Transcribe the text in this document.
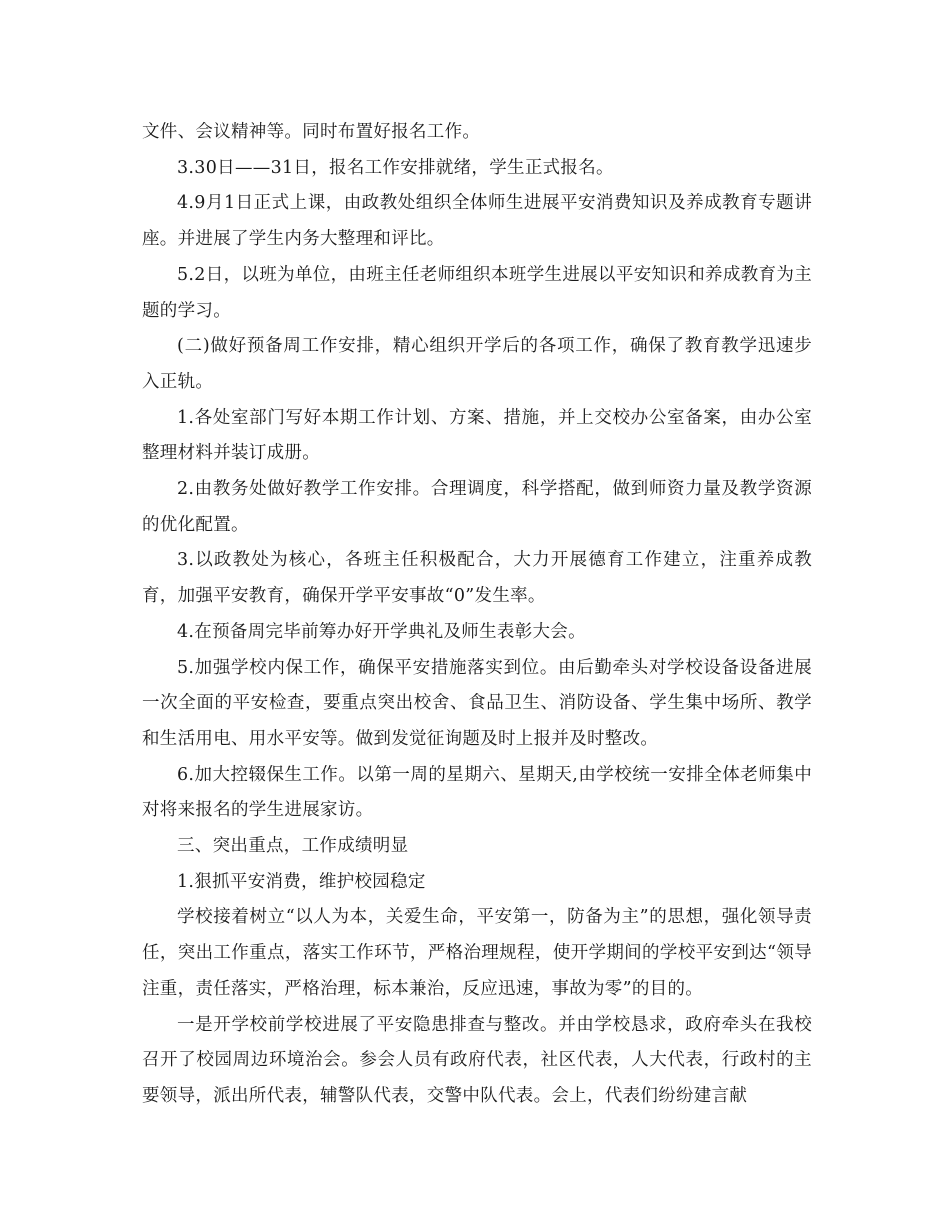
文件、会议精神等。同时布置好报名工作。

3.30日——31日，报名工作安排就绪，学生正式报名。

4.9月1日正式上课，由政教处组织全体师生进展平安消费知识及养成教育专题讲座。并进展了学生内务大整理和评比。

5.2日，以班为单位，由班主任老师组织本班学生进展以平安知识和养成教育为主题的学习。

(二)做好预备周工作安排，精心组织开学后的各项工作，确保了教育教学迅速步入正轨。

1.各处室部门写好本期工作计划、方案、措施，并上交校办公室备案，由办公室整理材料并装订成册。

2.由教务处做好教学工作安排。合理调度，科学搭配，做到师资力量及教学资源的优化配置。

3.以政教处为核心，各班主任积极配合，大力开展德育工作建立，注重养成教育，加强平安教育，确保开学平安事故“0”发生率。

4.在预备周完毕前筹办好开学典礼及师生表彰大会。

5.加强学校内保工作，确保平安措施落实到位。由后勤牵头对学校设备设备进展一次全面的平安检查，要重点突出校舍、食品卫生、消防设备、学生集中场所、教学和生活用电、用水平安等。做到发觉征询题及时上报并及时整改。

6.加大控辍保生工作。以第一周的星期六、星期天,由学校统一安排全体老师集中对将来报名的学生进展家访。

三、突出重点，工作成绩明显

1.狠抓平安消费，维护校园稳定

学校接着树立“以人为本，关爱生命，平安第一，防备为主”的思想，强化领导责任，突出工作重点，落实工作环节，严格治理规程，使开学期间的学校平安到达“领导注重，责任落实，严格治理，标本兼治，反应迅速，事故为零”的目的。

一是开学校前学校进展了平安隐患排查与整改。并由学校恳求，政府牵头在我校召开了校园周边环境治会。参会人员有政府代表，社区代表，人大代表，行政村的主要领导，派出所代表，辅警队代表，交警中队代表。会上，代表们纷纷建言献
